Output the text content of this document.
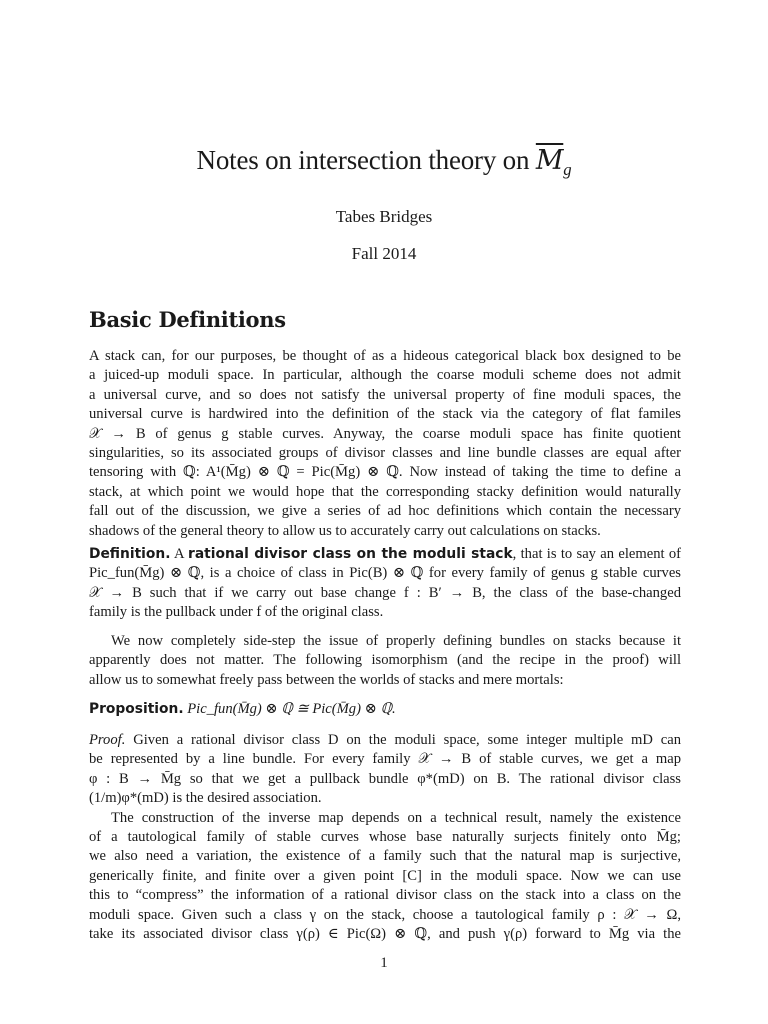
Notes on intersection theory on $\overline{M}_g$
Tabes Bridges
Fall 2014
Basic Definitions
A stack can, for our purposes, be thought of as a hideous categorical black box designed to be
a juiced-up moduli space. In particular, although the coarse moduli scheme does not admit
a universal curve, and so does not satisfy the universal property of fine moduli spaces, the
universal curve is hardwired into the definition of the stack via the category of flat familes
𝒳 → B of genus g stable curves. Anyway, the coarse moduli space has finite quotient
singularities, so its associated groups of divisor classes and line bundle classes are equal after
tensoring with ℚ: A¹(M̄g) ⊗ ℚ = Pic(M̄g) ⊗ ℚ. Now instead of taking the time to define a
stack, at which point we would hope that the corresponding stacky definition would naturally
fall out of the discussion, we give a series of ad hoc definitions which contain the necessary
shadows of the general theory to allow us to accurately carry out calculations on stacks.
Definition. A rational divisor class on the moduli stack, that is to say an element of
Pic_fun(M̄g) ⊗ ℚ, is a choice of class in Pic(B) ⊗ ℚ for every family of genus g stable curves
𝒳 → B such that if we carry out base change f : B′ → B, the class of the base-changed
family is the pullback under f of the original class.
We now completely side-step the issue of properly defining bundles on stacks because it
apparently does not matter. The following isomorphism (and the recipe in the proof) will
allow us to somewhat freely pass between the worlds of stacks and mere mortals:
Proposition. Pic_fun(M̄g) ⊗ ℚ ≅ Pic(M̄g) ⊗ ℚ.
Proof. Given a rational divisor class D on the moduli space, some integer multiple mD can
be represented by a line bundle. For every family 𝒳 → B of stable curves, we get a map
φ : B → M̄g so that we get a pullback bundle φ*(mD) on B. The rational divisor class
(1/m)φ*(mD) is the desired association.
The construction of the inverse map depends on a technical result, namely the existence
of a tautological family of stable curves whose base naturally surjects finitely onto M̄g;
we also need a variation, the existence of a family such that the natural map is surjective,
generically finite, and finite over a given point [C] in the moduli space. Now we can use
this to “compress” the information of a rational divisor class on the stack into a class on the
moduli space. Given such a class γ on the stack, choose a tautological family ρ : 𝒳 → Ω,
take its associated divisor class γ(ρ) ∈ Pic(Ω) ⊗ ℚ, and push γ(ρ) forward to M̄g via the
1
